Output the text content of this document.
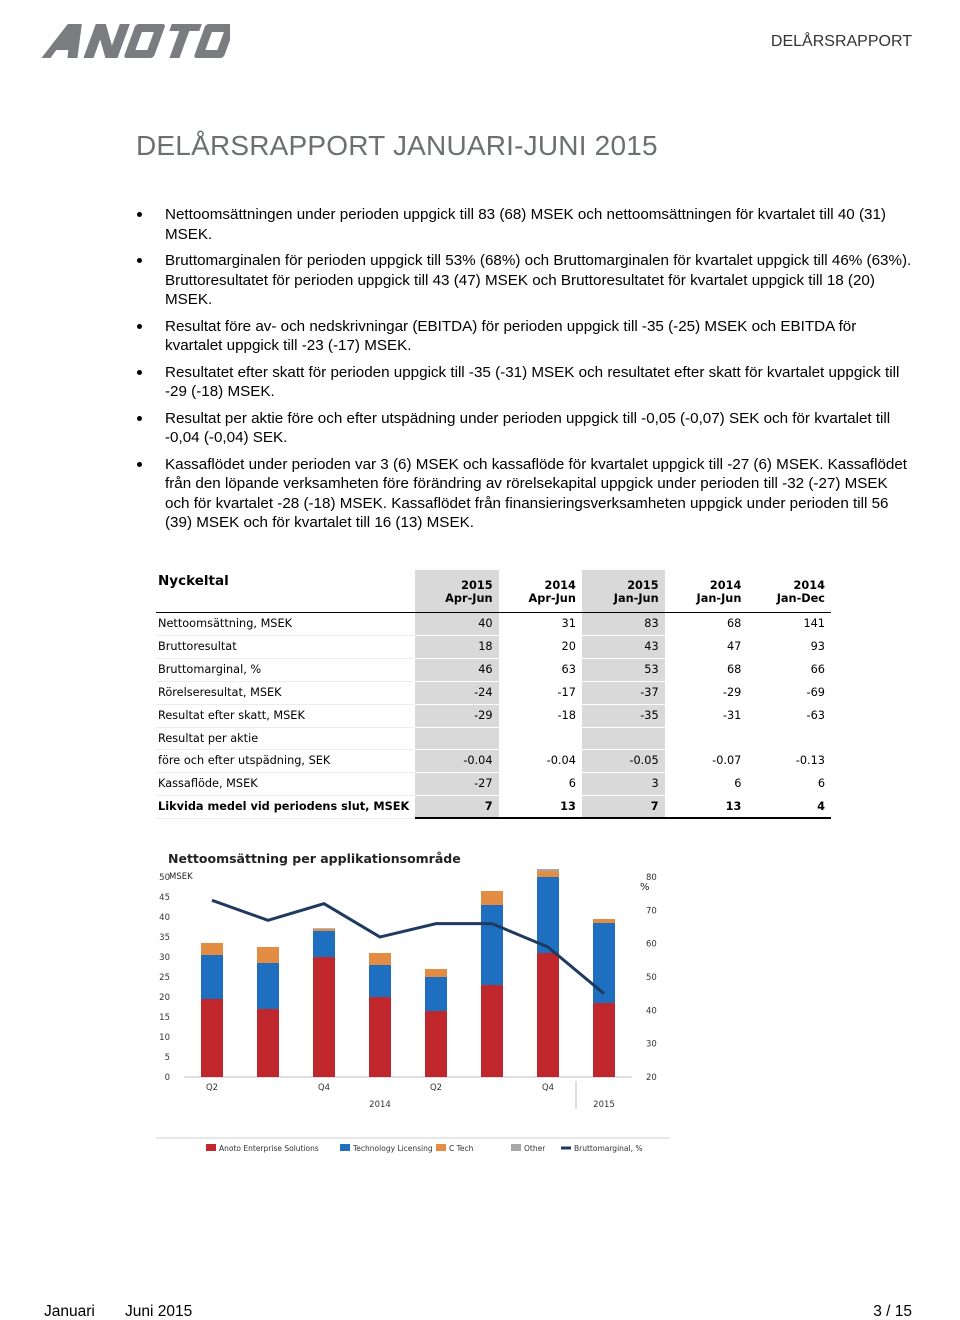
ANOTO
DELÅRSRAPPORT
DELÅRSRAPPORT JANUARI-JUNI 2015
Nettoomsättningen under perioden uppgick till 83 (68) MSEK och nettoomsättningen för kvartalet till 40 (31) MSEK.
Bruttomarginalen för perioden uppgick till 53% (68%) och Bruttomarginalen för kvartalet uppgick till 46% (63%). Bruttoresultatet för perioden uppgick till 43 (47) MSEK och Bruttoresultatet för kvartalet uppgick till 18 (20) MSEK.
Resultat före av- och nedskrivningar (EBITDA) för perioden uppgick till -35 (-25) MSEK och EBITDA för kvartalet uppgick till -23 (-17) MSEK.
Resultatet efter skatt för perioden uppgick till -35 (-31) MSEK och resultatet efter skatt för kvartalet uppgick till -29 (-18) MSEK.
Resultat per aktie före och efter utspädning under perioden uppgick till -0,05 (-0,07) SEK och för kvartalet till -0,04 (-0,04) SEK.
Kassaflödet under perioden var 3 (6) MSEK och kassaflöde för kvartalet uppgick till -27 (6) MSEK. Kassaflödet från den löpande verksamheten före förändring av rörelsekapital uppgick under perioden till -32 (-27) MSEK och för kvartalet -28 (-18) MSEK. Kassaflödet från finansieringsverksamheten uppgick under perioden till 56 (39) MSEK och för kvartalet till 16 (13) MSEK.
Nyckeltal	2015	2014	2015	2014	2014
	Apr-Jun	Apr-Jun	Jan-Jun	Jan-Jun	Jan-Dec
Nettoomsättning, MSEK	40	31	83	68	141
Bruttoresultat	18	20	43	47	93
Bruttomarginal, %	46	63	53	68	66
Rörelseresultat, MSEK	-24	-17	-37	-29	-69
Resultat efter skatt, MSEK	-29	-18	-35	-31	-63
Resultat per aktie					
före och efter utspädning, SEK	-0.04	-0.04	-0.05	-0.07	-0.13
Kassaflöde, MSEK	-27	6	3	6	6
Likvida medel vid periodens slut, MSEK	7	13	7	13	4
Nettoomsättning per applikationsområde
MSEK
%
0
5
10
15
20
25
30
35
40
45
50
20
30
40
50
60
70
80
Q2	Q4	Q2	Q4
2014	2015
Anoto Enterprise Solutions	Technology Licensing C Tech	Other	Bruttomarginal, %
Januari Juni 2015	3 / 15
